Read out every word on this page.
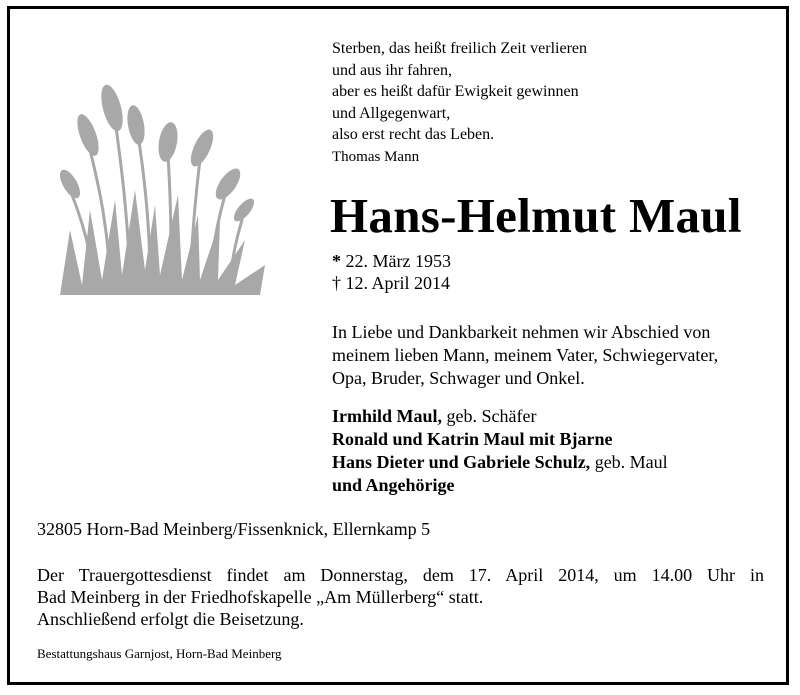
Sterben, das heißt freilich Zeit verlieren
und aus ihr fahren,
aber es heißt dafür Ewigkeit gewinnen
und Allgegenwart,
also erst recht das Leben.
Thomas Mann
Hans-Helmut Maul
* 22. März 1953
† 12. April 2014
In Liebe und Dankbarkeit nehmen wir Abschied von
meinem lieben Mann, meinem Vater, Schwiegervater,
Opa, Bruder, Schwager und Onkel.
Irmhild Maul, geb. Schäfer
Ronald und Katrin Maul mit Bjarne
Hans Dieter und Gabriele Schulz, geb. Maul
und Angehörige
32805 Horn-Bad Meinberg/Fissenknick, Ellernkamp 5
Der Trauergottesdienst findet am Donnerstag, dem 17. April 2014, um 14.00 Uhr in
Bad Meinberg in der Friedhofskapelle „Am Müllerberg“ statt.
Anschließend erfolgt die Beisetzung.
Bestattungshaus Garnjost, Horn-Bad Meinberg
